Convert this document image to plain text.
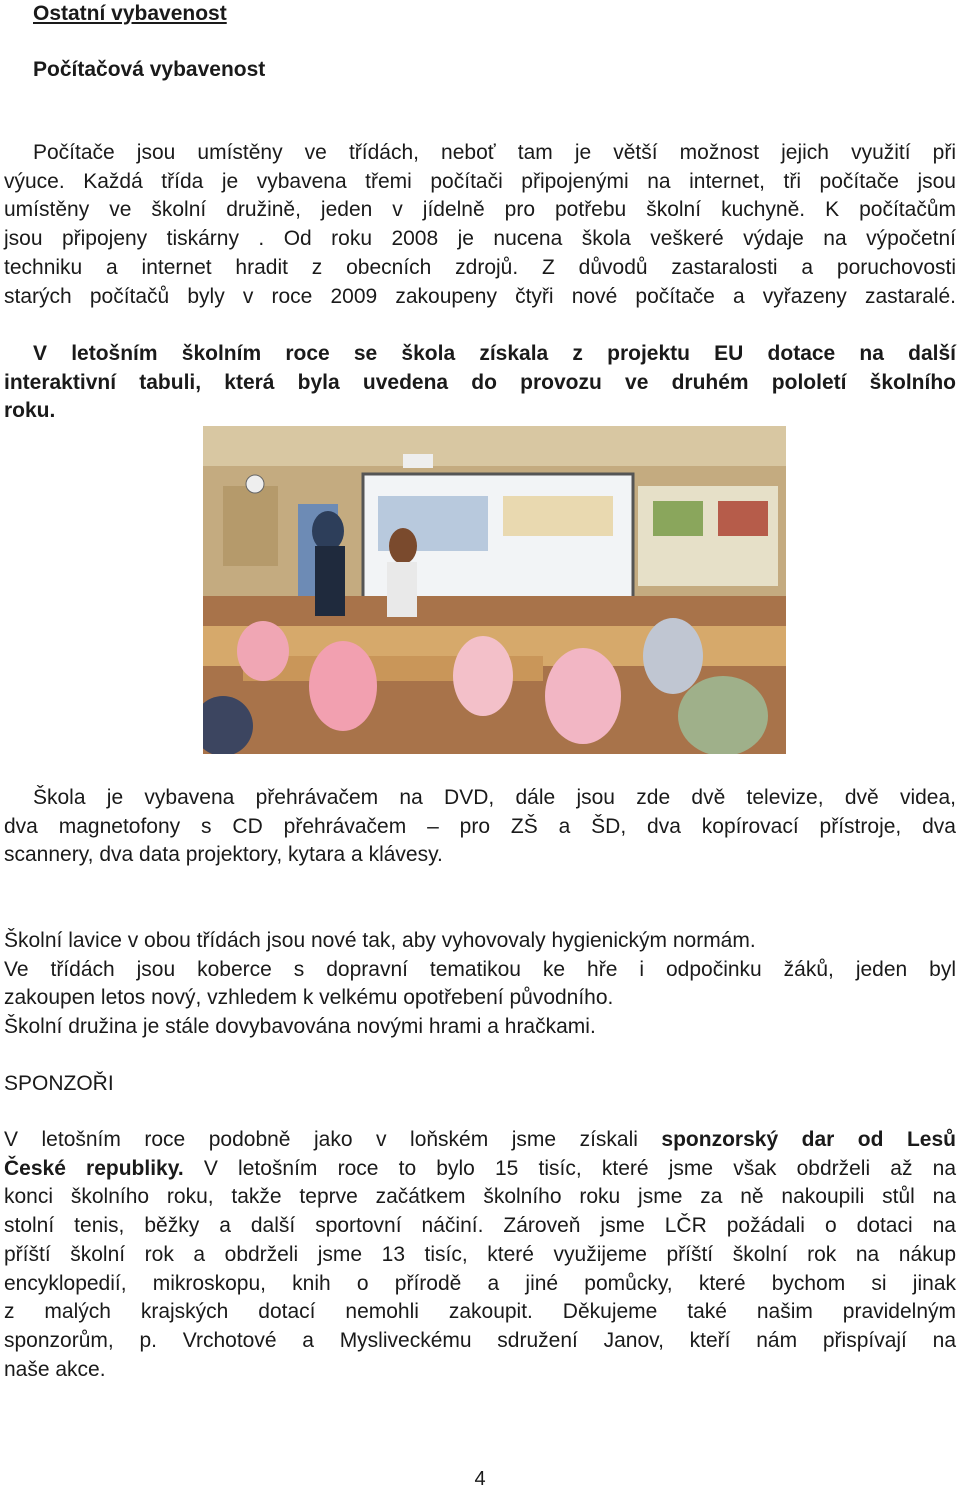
Ostatní vybavenost
Počítačová vybavenost
Počítače jsou umístěny ve třídách, neboť tam je větší možnost jejich využití při
výuce. Každá třída je vybavena třemi počítači připojenými na internet, tři počítače jsou
umístěny ve školní družině, jeden v jídelně pro potřebu školní kuchyně. K počítačům
jsou připojeny tiskárny . Od roku 2008 je nucena škola veškeré výdaje na výpočetní
techniku a internet hradit z obecních zdrojů. Z důvodů zastaralosti a poruchovosti
starých počítačů byly v roce 2009 zakoupeny čtyři nové počítače a vyřazeny zastaralé.
V letošním školním roce se škola získala z projektu EU dotace na další
interaktivní tabuli, která byla uvedena do provozu ve druhém pololetí školního
roku.
Škola je vybavena přehrávačem na DVD, dále jsou zde dvě televize, dvě videa,
dva magnetofony s CD přehrávačem – pro ZŠ a ŠD, dva kopírovací přístroje, dva
scannery, dva data projektory, kytara a klávesy.
Školní lavice v obou třídách jsou nové tak, aby vyhovovaly hygienickým normám.
Ve třídách jsou koberce s dopravní tematikou ke hře i odpočinku žáků, jeden byl
zakoupen letos nový, vzhledem k velkému opotřebení původního.
Školní družina je stále dovybavována novými hrami a hračkami.
SPONZOŘI
V letošním roce podobně jako v loňském jsme získali sponzorský dar od Lesů
České republiky. V letošním roce to bylo 15 tisíc, které jsme však obdrželi až na
konci školního roku, takže teprve začátkem školního roku jsme za ně nakoupili stůl na
stolní tenis, běžky a další sportovní náčiní. Zároveň jsme LČR požádali o dotaci na
příští školní rok a obdrželi jsme 13 tisíc, které využijeme příští školní rok na nákup
encyklopedií, mikroskopu, knih o přírodě a jiné pomůcky, které bychom si jinak
z malých krajských dotací nemohli zakoupit. Děkujeme také našim pravidelným
sponzorům, p. Vrchotové a Mysliveckému sdružení Janov, kteří nám přispívají na
naše akce.
4
